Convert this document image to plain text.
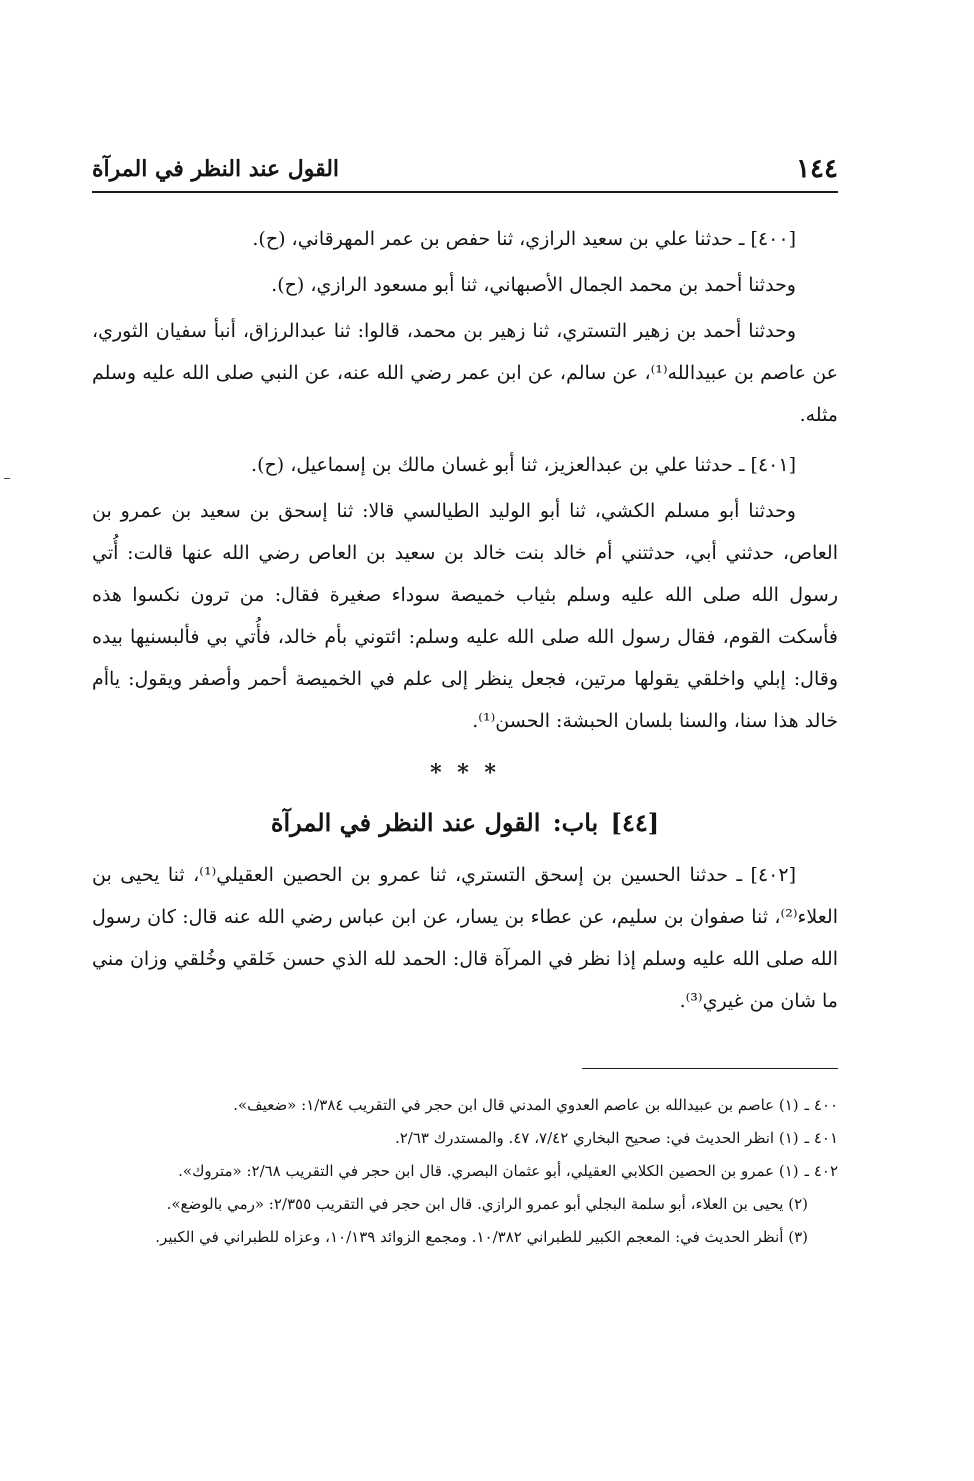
١٤٤
القول عند النظر في المرآة

[٤٠٠] ـ حدثنا علي بن سعيد الرازي، ثنا حفص بن عمر المهرقاني، (ح).

وحدثنا أحمد بن محمد الجمال الأصبهاني، ثنا أبو مسعود الرازي، (ح).

وحدثنا أحمد بن زهير التستري، ثنا زهير بن محمد، قالوا: ثنا عبدالرزاق، أنبأ سفيان الثوري، عن عاصم بن عبيدالله⁽¹⁾، عن سالم، عن ابن عمر رضي الله عنه، عن النبي صلى الله عليه وسلم مثله.

[٤٠١] ـ حدثنا علي بن عبدالعزيز، ثنا أبو غسان مالك بن إسماعيل، (ح).

وحدثنا أبو مسلم الكشي، ثنا أبو الوليد الطيالسي قالا: ثنا إسحق بن سعيد بن عمرو بن العاص، حدثني أبي، حدثتني أم خالد بنت خالد بن سعيد بن العاص رضي الله عنها قالت: أُتي رسول الله صلى الله عليه وسلم بثياب خميصة سوداء صغيرة فقال: من ترون نكسوا هذه فأسكت القوم، فقال رسول الله صلى الله عليه وسلم: ائتوني بأم خالد، فأُتي بي فألبسنيها بيده وقال: إبلي واخلقي يقولها مرتين، فجعل ينظر إلى علم في الخميصة أحمر وأصفر ويقول: ياأم خالد هذا سنا، والسنا بلسان الحبشة: الحسن⁽¹⁾.

* * *
[٤٤] باب: القول عند النظر في المرآة

[٤٠٢] ـ حدثنا الحسين بن إسحق التستري، ثنا عمرو بن الحصين العقيلي⁽¹⁾، ثنا يحيى بن العلاء⁽²⁾، ثنا صفوان بن سليم، عن عطاء بن يسار، عن ابن عباس رضي الله عنه قال: كان رسول الله صلى الله عليه وسلم إذا نظر في المرآة قال: الحمد لله الذي حسن خَلقي وخُلقي وزان مني ما شان من غيري⁽³⁾.

٤٠٠ ـ(١) عاصم بن عبيدالله بن عاصم العدوي المدني قال ابن حجر في التقريب ١/٣٨٤: «ضعيف».

٤٠١ ـ(١) انظر الحديث في: صحيح البخاري ٧/٤٢، ٤٧. والمستدرك ٢/٦٣.

٤٠٢ ـ(١) عمرو بن الحصين الكلابي العقيلي، أبو عثمان البصري. قال ابن حجر في التقريب ٢/٦٨: «متروك».

(٢) يحيى بن العلاء، أبو سلمة البجلي أبو عمرو الرازي. قال ابن حجر في التقريب ٢/٣٥٥: «رمي بالوضع».

(٣) أنظر الحديث في: المعجم الكبير للطبراني ١٠/٣٨٢. ومجمع الزوائد ١٠/١٣٩، وعزاه للطبراني في الكبير.
